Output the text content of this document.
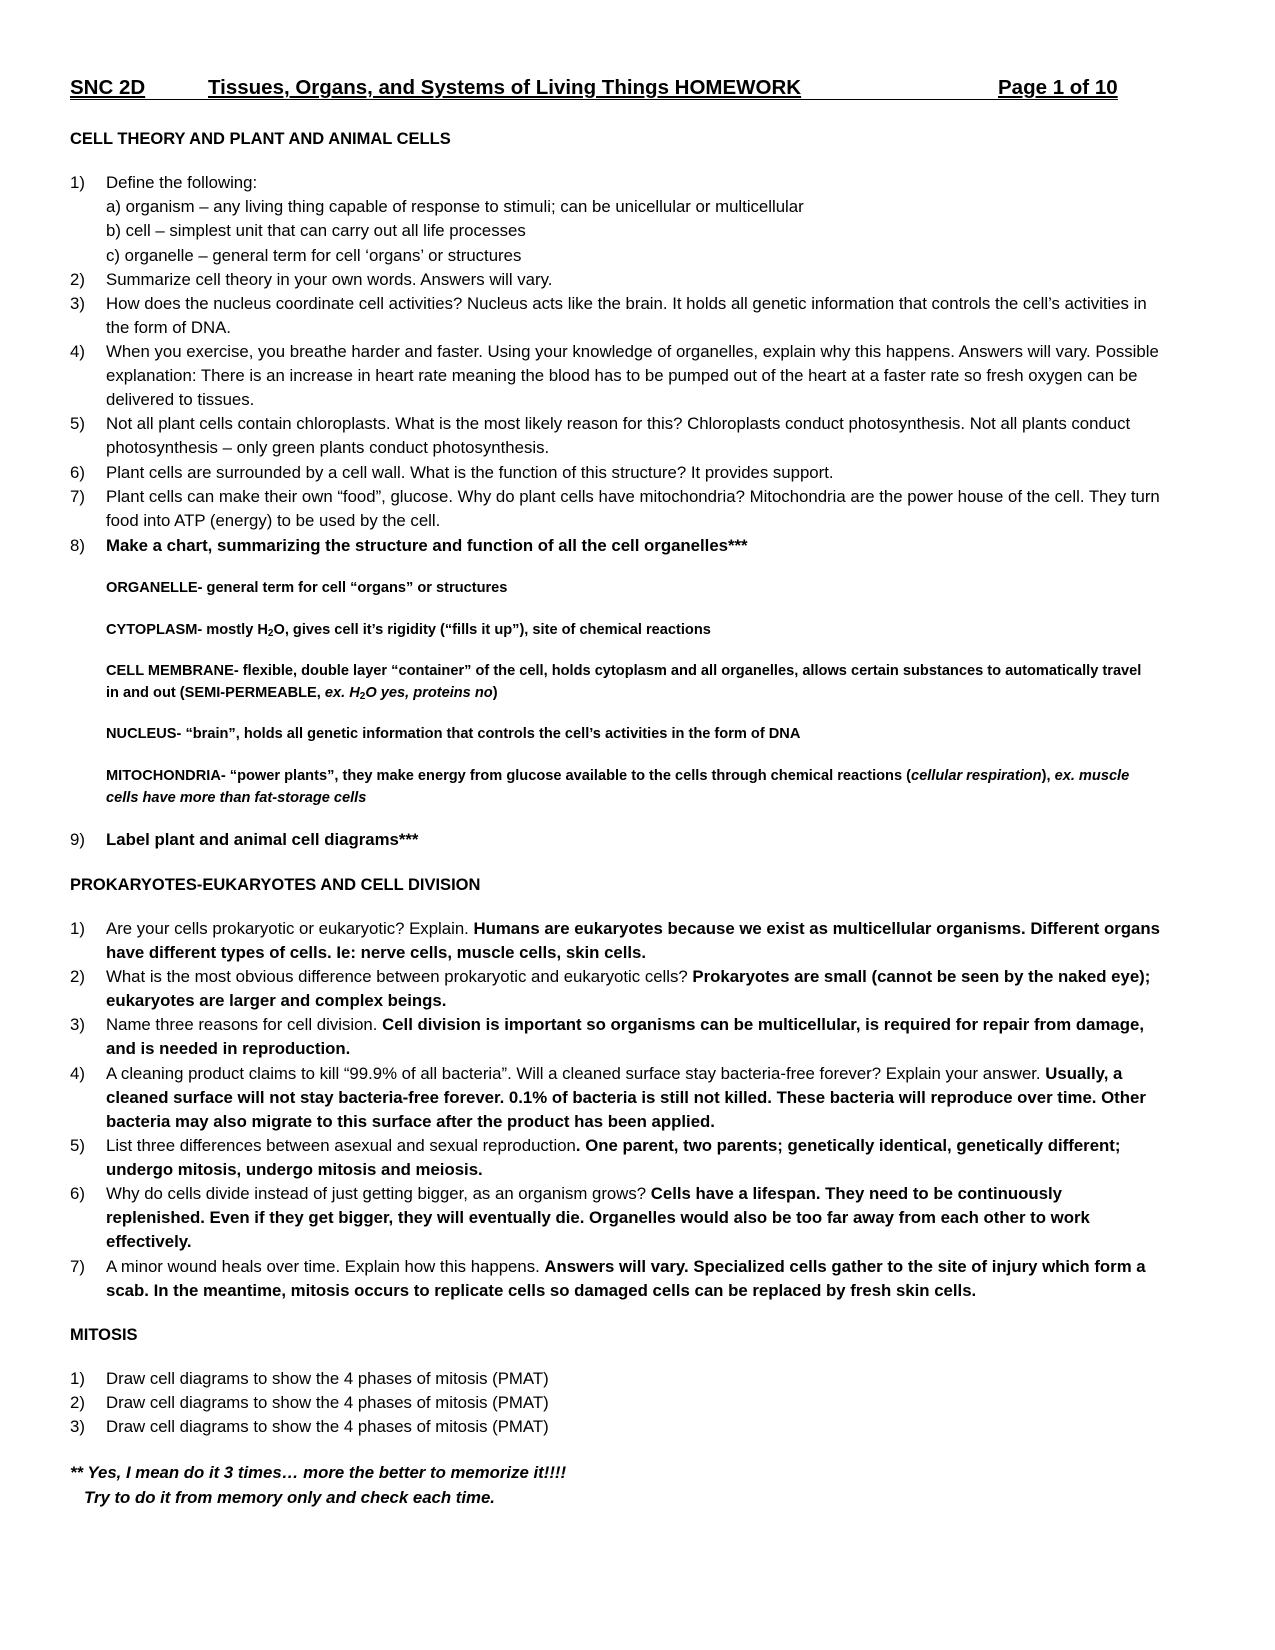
SNC 2D	Tissues, Organs, and Systems of Living Things HOMEWORK	Page 1 of 10
CELL THEORY AND PLANT AND ANIMAL CELLS
1) Define the following:
a) organism – any living thing capable of response to stimuli; can be unicellular or multicellular
b) cell – simplest unit that can carry out all life processes
c) organelle – general term for cell ‘organs’ or structures
2) Summarize cell theory in your own words. Answers will vary.
3) How does the nucleus coordinate cell activities? Nucleus acts like the brain. It holds all genetic information that controls the cell’s activities in the form of DNA.
4) When you exercise, you breathe harder and faster. Using your knowledge of organelles, explain why this happens. Answers will vary. Possible explanation: There is an increase in heart rate meaning the blood has to be pumped out of the heart at a faster rate so fresh oxygen can be delivered to tissues.
5) Not all plant cells contain chloroplasts. What is the most likely reason for this? Chloroplasts conduct photosynthesis. Not all plants conduct photosynthesis – only green plants conduct photosynthesis.
6) Plant cells are surrounded by a cell wall. What is the function of this structure? It provides support.
7) Plant cells can make their own “food”, glucose. Why do plant cells have mitochondria? Mitochondria are the power house of the cell. They turn food into ATP (energy) to be used by the cell.
8) Make a chart, summarizing the structure and function of all the cell organelles***
ORGANELLE- general term for cell “organs” or structures
CYTOPLASM- mostly $H_2O$, gives cell it’s rigidity (“fills it up”), site of chemical reactions
CELL MEMBRANE- flexible, double layer “container” of the cell, holds cytoplasm and all organelles, allows certain substances to automatically travel in and out (SEMI-PERMEABLE, ex. $H_2O$ yes, proteins no)
NUCLEUS- “brain”, holds all genetic information that controls the cell’s activities in the form of DNA
MITOCHONDRIA- “power plants”, they make energy from glucose available to the cells through chemical reactions (cellular respiration), ex. muscle cells have more than fat-storage cells
9) Label plant and animal cell diagrams***
PROKARYOTES-EUKARYOTES AND CELL DIVISION
1) Are your cells prokaryotic or eukaryotic? Explain. Humans are eukaryotes because we exist as multicellular organisms. Different organs have different types of cells. Ie: nerve cells, muscle cells, skin cells.
2) What is the most obvious difference between prokaryotic and eukaryotic cells? Prokaryotes are small (cannot be seen by the naked eye); eukaryotes are larger and complex beings.
3) Name three reasons for cell division. Cell division is important so organisms can be multicellular, is required for repair from damage, and is needed in reproduction.
4) A cleaning product claims to kill “99.9% of all bacteria”. Will a cleaned surface stay bacteria-free forever? Explain your answer. Usually, a cleaned surface will not stay bacteria-free forever. 0.1% of bacteria is still not killed. These bacteria will reproduce over time. Other bacteria may also migrate to this surface after the product has been applied.
5) List three differences between asexual and sexual reproduction. One parent, two parents; genetically identical, genetically different; undergo mitosis, undergo mitosis and meiosis.
6) Why do cells divide instead of just getting bigger, as an organism grows? Cells have a lifespan. They need to be continuously replenished. Even if they get bigger, they will eventually die. Organelles would also be too far away from each other to work effectively.
7) A minor wound heals over time. Explain how this happens. Answers will vary. Specialized cells gather to the site of injury which form a scab. In the meantime, mitosis occurs to replicate cells so damaged cells can be replaced by fresh skin cells.
MITOSIS
1) Draw cell diagrams to show the 4 phases of mitosis (PMAT)
2) Draw cell diagrams to show the 4 phases of mitosis (PMAT)
3) Draw cell diagrams to show the 4 phases of mitosis (PMAT)
** Yes, I mean do it 3 times… more the better to memorize it!!!!
Try to do it from memory only and check each time.
